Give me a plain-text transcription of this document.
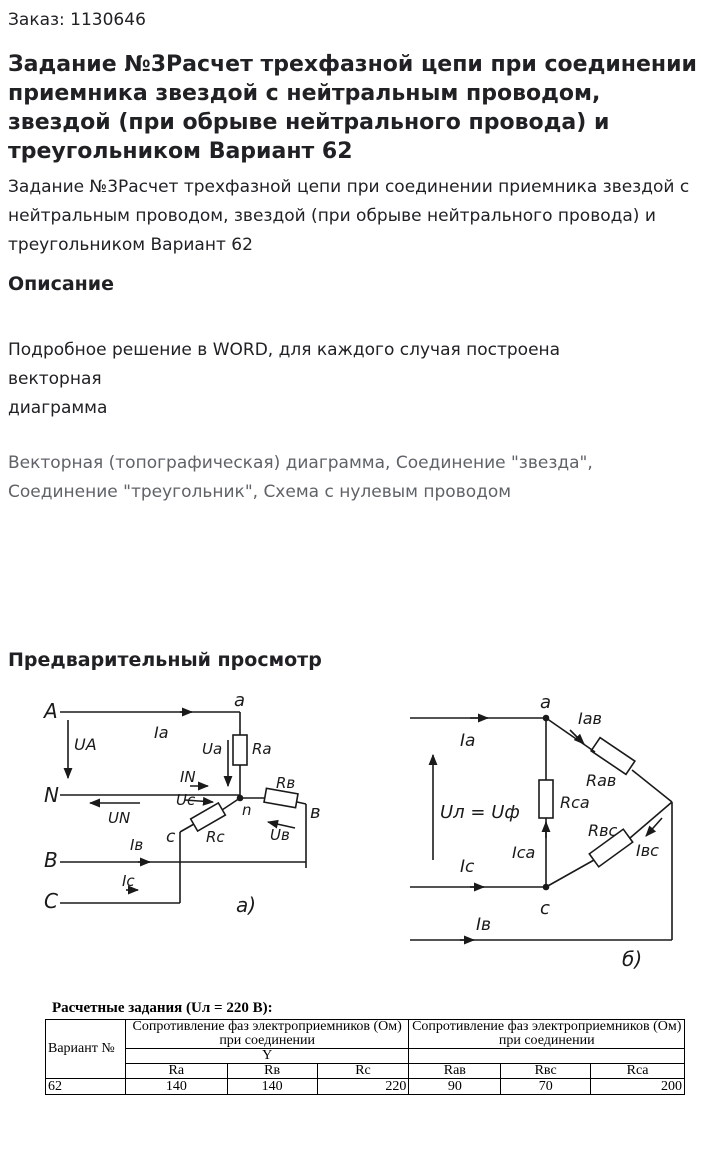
Заказ: 1130646
Задание №3Расчет трехфазной цепи при соединении приемника звездой с нейтральным проводом, звездой (при обрыве нейтрального провода) и треугольником Вариант 62

Задание №3Расчет трехфазной цепи при соединении приемника звездой с нейтральным проводом, звездой (при обрыве нейтрального провода) и треугольником Вариант 62

Описание

Подробное решение в WORD, для каждого случая построена
векторная
диаграмма

Векторная (топографическая) диаграмма, Соединение "звезда", Соединение "треугольник", Схема с нулевым проводом

Предварительный просмотр
A
N
B
C
UA
Ia
IN
UN
Iв
Ic
a
Ua Ra
Rв
в
n
Uc
Rc
c	Uв
a)
a
c
Ia
Ic
Iв
Uл = Uф	Rca
Ica
Iaв
Raв
Rвc
Iвc
б)

Расчетные задания (Uл = 220 В):

Вариант №	Сопротивление фаз электроприемников (Ом) при соединении			Сопротивление фаз электроприемников (Ом) при соединении		
	Y					
	Ra	Rв	Rc	Raв	Rвc	Rca
62	140	140	220	90	70	200
